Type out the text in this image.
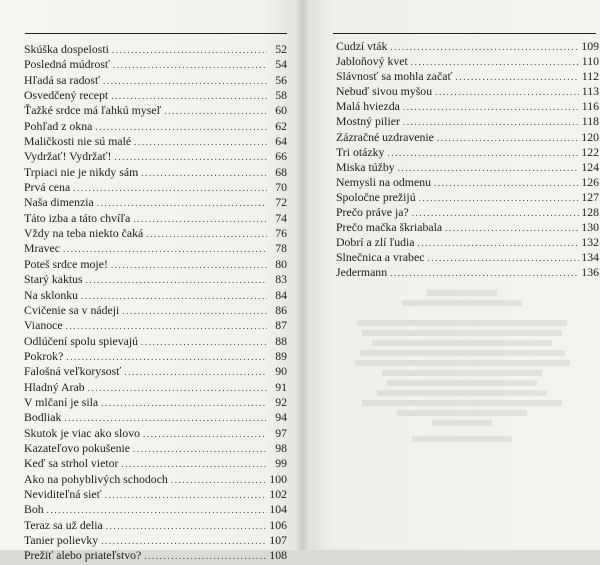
Skúška dospelosti .....	52
Posledná múdrosť .....	54
Hľadá sa radosť .....	56
Osvedčený recept .....	58
Ťažké srdce má ľahkú myseľ .....	60
Pohľad z okna .....	62
Maličkosti nie sú malé .....	64
Vydržať! Vydržať! .....	66
Trpiaci nie je nikdy sám .....	68
Prvá cena .....	70
Naša dimenzia .....	72
Táto izba a táto chvíľa .....	74
Vždy na teba niekto čaká .....	76
Mravec .....	78
Poteš srdce moje! .....	80
Starý kaktus .....	83
Na sklonku .....	84
Cvičenie sa v nádeji .....	86
Vianoce .....	87
Odlúčení spolu spievajú .....	88
Pokrok? .....	89
Falošná veľkorysosť .....	90
Hladný Arab .....	91
V mlčaní je sila .....	92
Bodliak .....	94
Skutok je viac ako slovo .....	97
Kazateľovo pokušenie .....	98
Keď sa strhol vietor .....	99
Ako na pohyblivých schodoch .....	100
Neviditeľná sieť .....	102
Boh .....	104
Teraz sa už delia .....	106
Tanier polievky .....	107
Prežiť alebo priateľstvo? .....	108
Cudzí vták .....	109
Jabloňový kvet .....	110
Slávnosť sa mohla začať .....	112
Nebuď sivou myšou .....	113
Malá hviezda .....	116
Mostný pilier .....	118
Zázračné uzdravenie .....	120
Tri otázky .....	122
Miska túžby .....	124
Nemysli na odmenu .....	126
Spoločne prežijú .....	127
Prečo práve ja? .....	128
Prečo mačka škriabala .....	130
Dobrí a zlí ľudia .....	132
Slnečnica a vrabec .....	134
Jedermann .....	136
